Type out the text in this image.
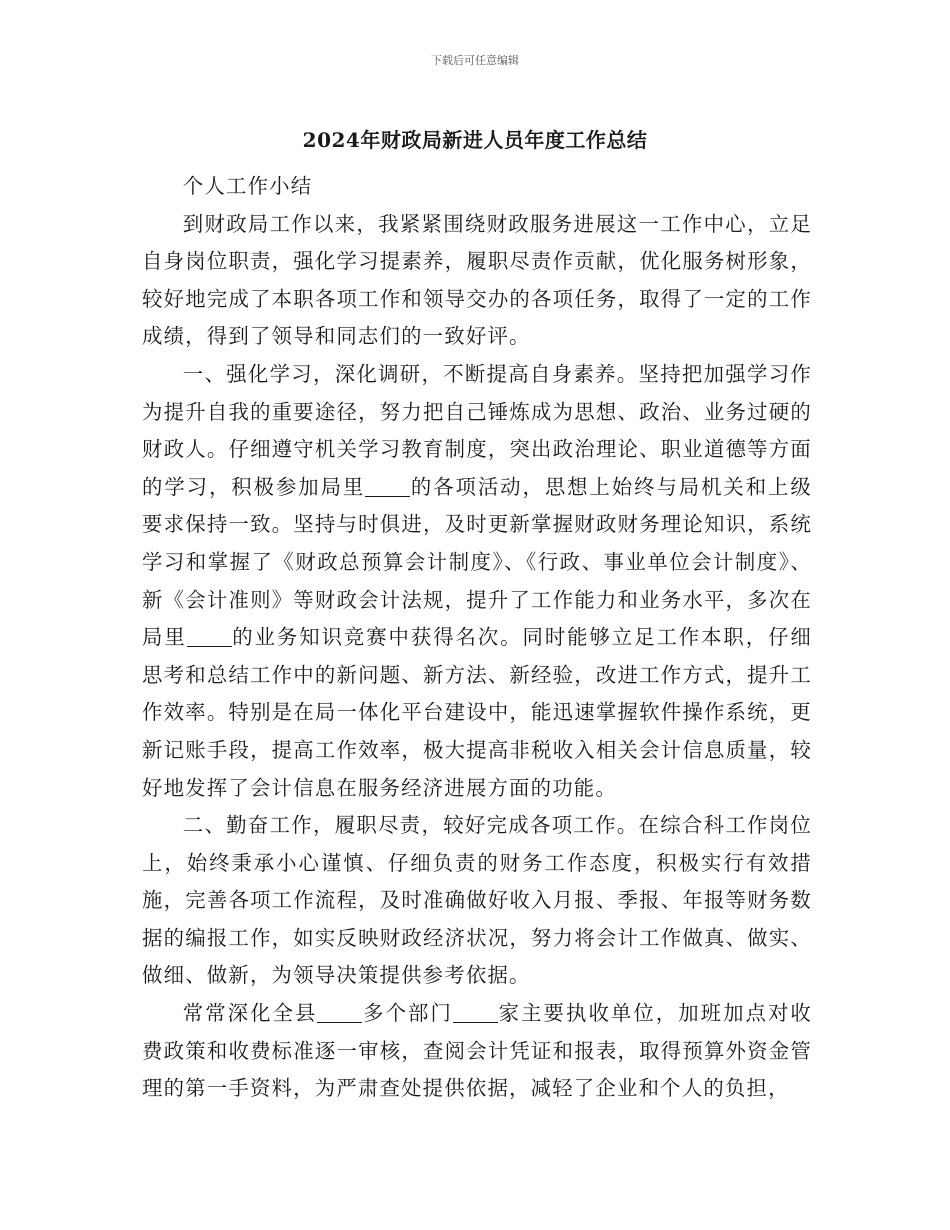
下载后可任意编辑
2024年财政局新进人员年度工作总结

个人工作小结

到财政局工作以来，我紧紧围绕财政服务进展这一工作中心，立足自身岗位职责，强化学习提素养，履职尽责作贡献，优化服务树形象，较好地完成了本职各项工作和领导交办的各项任务，取得了一定的工作成绩，得到了领导和同志们的一致好评。

一、强化学习，深化调研，不断提高自身素养。坚持把加强学习作为提升自我的重要途径，努力把自己锤炼成为思想、政治、业务过硬的财政人。仔细遵守机关学习教育制度，突出政治理论、职业道德等方面的学习，积极参加局里 的各项活动，思想上始终与局机关和上级要求保持一致。坚持与时俱进，及时更新掌握财政财务理论知识，系统学习和掌握了《财政总预算会计制度》、《行政、事业单位会计制度》、新《会计准则》等财政会计法规，提升了工作能力和业务水平，多次在局里 的业务知识竞赛中获得名次。同时能够立足工作本职，仔细思考和总结工作中的新问题、新方法、新经验，改进工作方式，提升工作效率。特别是在局一体化平台建设中，能迅速掌握软件操作系统，更新记账手段，提高工作效率，极大提高非税收入相关会计信息质量，较好地发挥了会计信息在服务经济进展方面的功能。

二、勤奋工作，履职尽责，较好完成各项工作。在综合科工作岗位上，始终秉承小心谨慎、仔细负责的财务工作态度，积极实行有效措施，完善各项工作流程，及时准确做好收入月报、季报、年报等财务数据的编报工作，如实反映财政经济状况，努力将会计工作做真、做实、做细、做新，为领导决策提供参考依据。

常常深化全县 多个部门 家主要执收单位，加班加点对收费政策和收费标准逐一审核，查阅会计凭证和报表，取得预算外资金管理的第一手资料，为严肃查处提供依据，减轻了企业和个人的负担，
